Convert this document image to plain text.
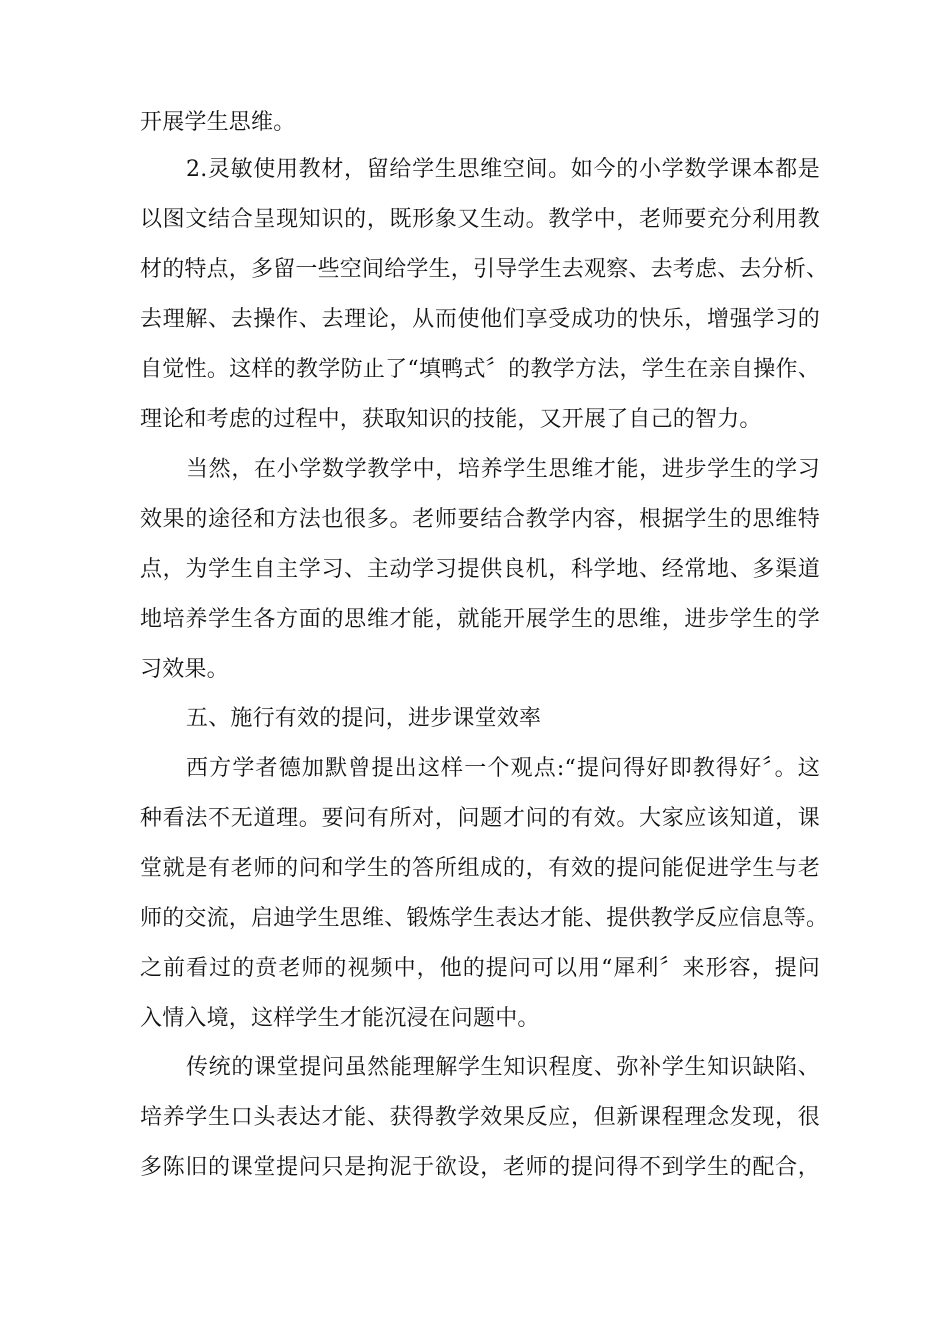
开展学生思维。
2.灵敏使用教材，留给学生思维空间。如今的小学数学课本都是
以图文结合呈现知识的，既形象又生动。教学中，老师要充分利用教
材的特点，多留一些空间给学生，引导学生去观察、去考虑、去分析、
去理解、去操作、去理论，从而使他们享受成功的快乐，增强学习的
自觉性。这样的教学防止了“填鸭式〞的教学方法，学生在亲自操作、
理论和考虑的过程中，获取知识的技能，又开展了自己的智力。
当然，在小学数学教学中，培养学生思维才能，进步学生的学习
效果的途径和方法也很多。老师要结合教学内容，根据学生的思维特
点，为学生自主学习、主动学习提供良机，科学地、经常地、多渠道
地培养学生各方面的思维才能，就能开展学生的思维，进步学生的学
习效果。
五、施行有效的提问，进步课堂效率
西方学者德加默曾提出这样一个观点:“提问得好即教得好〞。这
种看法不无道理。要问有所对，问题才问的有效。大家应该知道，课
堂就是有老师的问和学生的答所组成的，有效的提问能促进学生与老
师的交流，启迪学生思维、锻炼学生表达才能、提供教学反应信息等。
之前看过的贲老师的视频中，他的提问可以用“犀利〞来形容，提问
入情入境，这样学生才能沉浸在问题中。
传统的课堂提问虽然能理解学生知识程度、弥补学生知识缺陷、
培养学生口头表达才能、获得教学效果反应，但新课程理念发现，很
多陈旧的课堂提问只是拘泥于欲设，老师的提问得不到学生的配合，
